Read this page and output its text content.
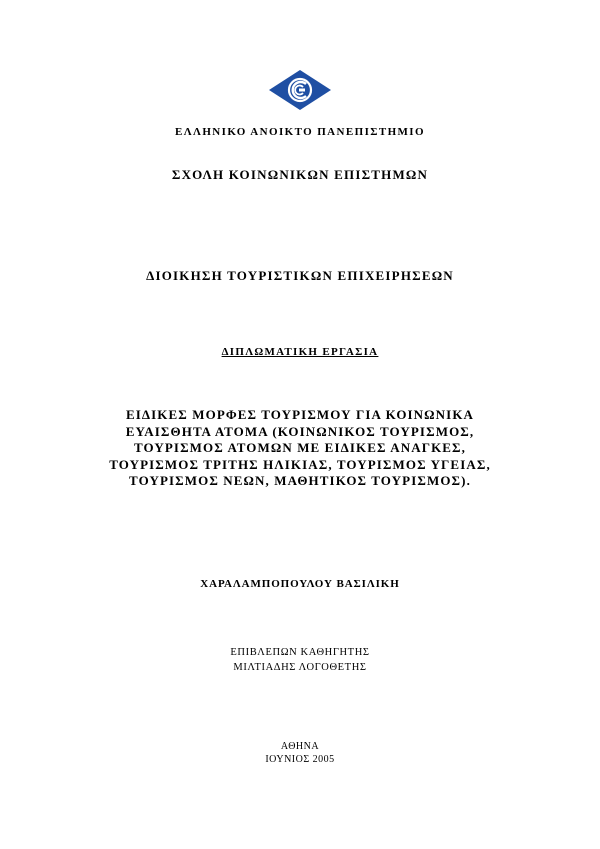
ΕΛΛΗΝΙΚΟ ΑΝΟΙΚΤΟ ΠΑΝΕΠΙΣΤΗΜΙΟ
ΣΧΟΛΗ ΚΟΙΝΩΝΙΚΩΝ ΕΠΙΣΤΗΜΩΝ
ΔΙΟΙΚΗΣΗ ΤΟΥΡΙΣΤΙΚΩΝ ΕΠΙΧΕΙΡΗΣΕΩΝ
ΔΙΠΛΩΜΑΤΙΚΗ ΕΡΓΑΣΙΑ
ΕΙΔΙΚΕΣ ΜΟΡΦΕΣ ΤΟΥΡΙΣΜΟΥ ΓΙΑ ΚΟΙΝΩΝΙΚΑ
ΕΥΑΙΣΘΗΤΑ ΑΤΟΜΑ (ΚΟΙΝΩΝΙΚΟΣ ΤΟΥΡΙΣΜΟΣ,
ΤΟΥΡΙΣΜΟΣ ΑΤΟΜΩΝ ΜΕ ΕΙΔΙΚΕΣ ΑΝΑΓΚΕΣ,
ΤΟΥΡΙΣΜΟΣ ΤΡΙΤΗΣ ΗΛΙΚΙΑΣ, ΤΟΥΡΙΣΜΟΣ ΥΓΕΙΑΣ,
ΤΟΥΡΙΣΜΟΣ ΝΕΩΝ, ΜΑΘΗΤΙΚΟΣ ΤΟΥΡΙΣΜΟΣ).
ΧΑΡΑΛΑΜΠΟΠΟΥΛΟΥ ΒΑΣΙΛΙΚΗ
ΕΠΙΒΛΕΠΩΝ ΚΑΘΗΓΗΤΗΣ
ΜΙΛΤΙΑΔΗΣ ΛΟΓΟΘΕΤΗΣ
ΑΘΗΝΑ
ΙΟΥΝΙΟΣ 2005
